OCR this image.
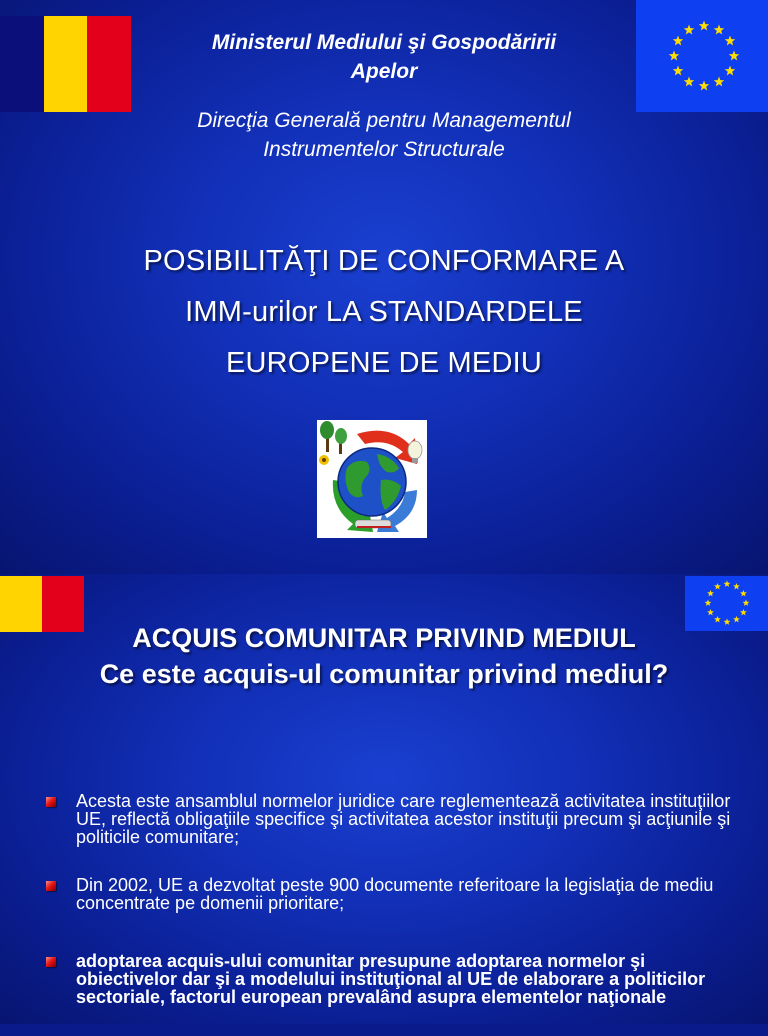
Ministerul Mediului şi Gospodăririi
Apelor
Direcţia Generală pentru Managementul
Instrumentelor Structurale
POSIBILITĂŢI DE CONFORMARE A
IMM-urilor LA STANDARDELE
EUROPENE DE MEDIU
ACQUIS COMUNITAR PRIVIND MEDIUL
Ce este acquis-ul comunitar privind mediul?
Acesta este ansamblul normelor juridice care reglementează activitatea instituţiilor UE, reflectă obligaţiile specifice şi activitatea acestor instituţii precum şi acţiunile şi politicile comunitare;
Din 2002, UE a dezvoltat peste 900 documente referitoare la legislaţia de mediu concentrate pe domenii prioritare;
adoptarea acquis-ului comunitar presupune adoptarea normelor şi obiectivelor dar şi a modelului instituţional al UE de elaborare a politicilor sectoriale, factorul european prevalând asupra elementelor naţionale
